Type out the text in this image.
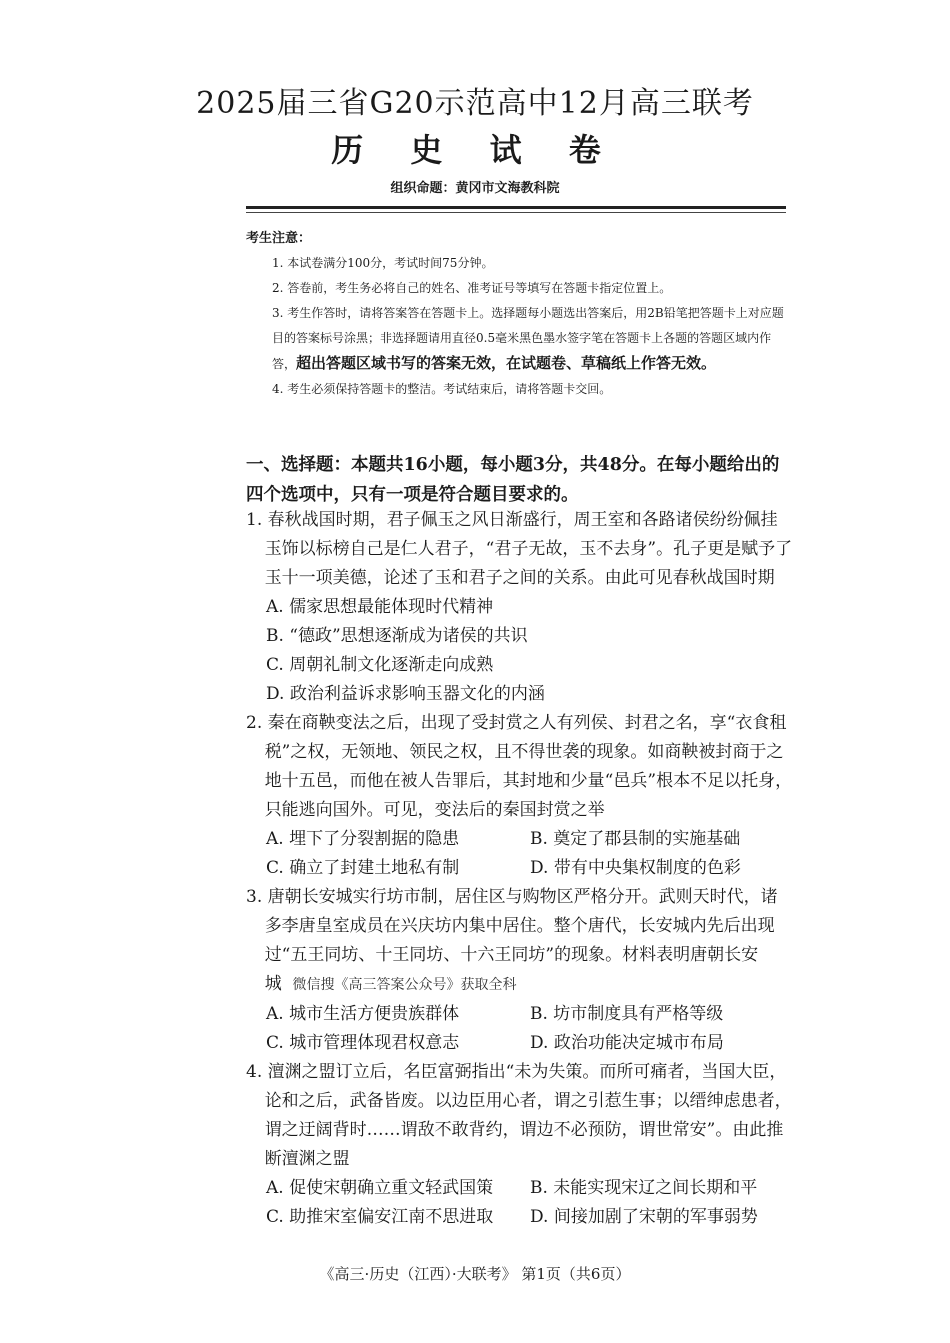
2025届三省G20示范高中12月高三联考
历 史 试 卷
组织命题：黄冈市文海教科院
考生注意：
1. 本试卷满分100分，考试时间75分钟。
2. 答卷前，考生务必将自己的姓名、准考证号等填写在答题卡指定位置上。
3. 考生作答时，请将答案答在答题卡上。选择题每小题选出答案后，用2B铅笔把答题卡上对应题目的答案标号涂黑；非选择题请用直径0.5毫米黑色墨水签字笔在答题卡上各题的答题区域内作答，超出答题区域书写的答案无效，在试题卷、草稿纸上作答无效。
4. 考生必须保持答题卡的整洁。考试结束后，请将答题卡交回。
一、选择题：本题共16小题，每小题3分，共48分。在每小题给出的四个选项中，只有一项是符合题目要求的。
1. 春秋战国时期，君子佩玉之风日渐盛行，周王室和各路诸侯纷纷佩挂玉饰以标榜自己是仁人君子，“君子无故，玉不去身”。孔子更是赋予了玉十一项美德，论述了玉和君子之间的关系。由此可见春秋战国时期
A. 儒家思想最能体现时代精神
B. “德政”思想逐渐成为诸侯的共识
C. 周朝礼制文化逐渐走向成熟
D. 政治利益诉求影响玉器文化的内涵
2. 秦在商鞅变法之后，出现了受封赏之人有列侯、封君之名，享“衣食租税”之权，无领地、领民之权，且不得世袭的现象。如商鞅被封商于之地十五邑，而他在被人告罪后，其封地和少量“邑兵”根本不足以托身，只能逃向国外。可见，变法后的秦国封赏之举
A. 埋下了分裂割据的隐患	B. 奠定了郡县制的实施基础
C. 确立了封建土地私有制	D. 带有中央集权制度的色彩
3. 唐朝长安城实行坊市制，居住区与购物区严格分开。武则天时代，诸多李唐皇室成员在兴庆坊内集中居住。整个唐代，长安城内先后出现过“五王同坊、十王同坊、十六王同坊”的现象。材料表明唐朝长安城 微信搜《高三答案公众号》获取全科
A. 城市生活方便贵族群体	B. 坊市制度具有严格等级
C. 城市管理体现君权意志	D. 政治功能决定城市布局
4. 澶渊之盟订立后，名臣富弼指出“未为失策。而所可痛者，当国大臣，论和之后，武备皆废。以边臣用心者，谓之引惹生事；以缙绅虑患者，谓之迂阔背时……谓敌不敢背约，谓边不必预防，谓世常安”。由此推断澶渊之盟
A. 促使宋朝确立重文轻武国策	B. 未能实现宋辽之间长期和平
C. 助推宋室偏安江南不思进取	D. 间接加剧了宋朝的军事弱势
《高三·历史（江西）·大联考》 第1页（共6页）
